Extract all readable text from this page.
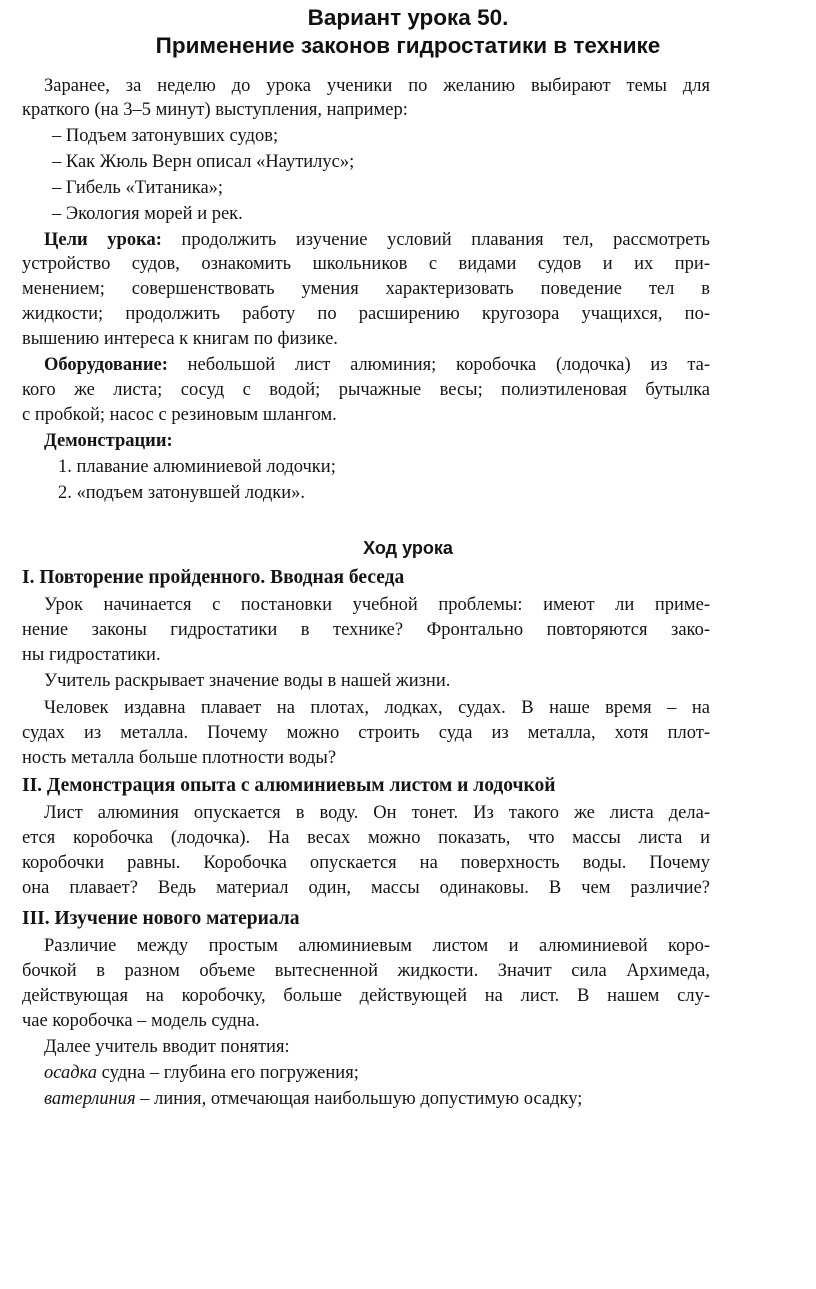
Вариант урока 50.
Применение законов гидростатики в технике
Заранее, за неделю до урока ученики по желанию выбирают темы для
краткого (на 3–5 минут) выступления, например:
– Подъем затонувших судов;
– Как Жюль Верн описал «Наутилус»;
– Гибель «Титаника»;
– Экология морей и рек.
Цели урока: продолжить изучение условий плавания тел, рассмотреть
устройство судов, ознакомить школьников с видами судов и их при-
менением; совершенствовать умения характеризовать поведение тел в
жидкости; продолжить работу по расширению кругозора учащихся, по-
вышению интереса к книгам по физике.
Оборудование: небольшой лист алюминия; коробочка (лодочка) из та-
кого же листа; сосуд с водой; рычажные весы; полиэтиленовая бутылка
с пробкой; насос с резиновым шлангом.
Демонстрации:
1. плавание алюминиевой лодочки;
2. «подъем затонувшей лодки».
Ход урока
I. Повторение пройденного. Вводная беседа
Урок начинается с постановки учебной проблемы: имеют ли приме-
нение законы гидростатики в технике? Фронтально повторяются зако-
ны гидростатики.
Учитель раскрывает значение воды в нашей жизни.
Человек издавна плавает на плотах, лодках, судах. В наше время – на
судах из металла. Почему можно строить суда из металла, хотя плот-
ность металла больше плотности воды?
II. Демонстрация опыта с алюминиевым листом и лодочкой
Лист алюминия опускается в воду. Он тонет. Из такого же листа дела-
ется коробочка (лодочка). На весах можно показать, что массы листа и
коробочки равны. Коробочка опускается на поверхность воды. Почему
она плавает? Ведь материал один, массы одинаковы. В чем различие?
III. Изучение нового материала
Различие между простым алюминиевым листом и алюминиевой коро-
бочкой в разном объеме вытесненной жидкости. Значит сила Архимеда,
действующая на коробочку, больше действующей на лист. В нашем слу-
чае коробочка – модель судна.
Далее учитель вводит понятия:
осадка судна – глубина его погружения;
ватерлиния – линия, отмечающая наибольшую допустимую осадку;
